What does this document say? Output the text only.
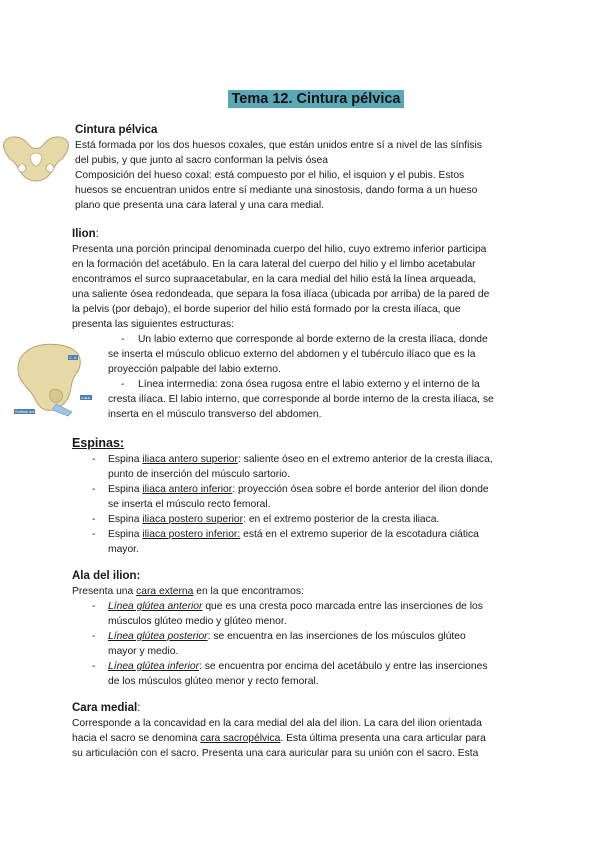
Tema 12. Cintura pélvica
Cintura pélvica
Está formada por los dos huesos coxales, que están unidos entre sí a nivel de las sínfisis
del pubis, y que junto al sacro conforman la pelvis ósea
Composición del hueso coxal: está compuesto por el hilio, el isquion y el pubis. Estos
huesos se encuentran unidos entre sí mediante una sinostosis, dando forma a un hueso
plano que presenta una cara lateral y una cara medial.
Ilion:
Presenta una porción principal denominada cuerpo del hilio, cuyo extremo inferior participa
en la formación del acetábulo. En la cara lateral del cuerpo del hilio y el limbo acetabular
encontramos el surco supraacetabular, en la cara medial del hilio está la línea arqueada,
una saliente ósea redondeada, que separa la fosa ilíaca (ubicada por arriba) de la pared de
la pelvis (por debajo), el borde superior del hilio está formado por la cresta ilíaca, que
presenta las siguientes estructuras:
C. il.
c.aur.
Sínfisis del
- Un labio externo que corresponde al borde externo de la cresta ilíaca, donde
se inserta el músculo oblicuo externo del abdomen y el tubérculo ilíaco que es la
proyección palpable del labio externo.
- Línea intermedia: zona ósea rugosa entre el labio externo y el interno de la
cresta ilíaca. El labio interno, que corresponde al borde interno de la cresta ilíaca, se
inserta en el músculo transverso del abdomen.
Espinas:
- Espina iliaca antero superior: saliente óseo en el extremo anterior de la cresta iliaca,
punto de inserción del músculo sartorio.
- Espina iliaca antero inferior: proyección ósea sobre el borde anterior del ilion donde
se inserta el músculo recto femoral.
- Espina iliaca postero superior: en el extremo posterior de la cresta iliaca.
- Espina iliaca postero inferior: está en el extremo superior de la escotadura ciática
mayor.
Ala del ilion:
Presenta una cara externa en la que encontramos:
- Línea glútea anterior que es una cresta poco marcada entre las inserciones de los
músculos glúteo medio y glúteo menor.
- Línea glútea posterior: se encuentra en las inserciones de los músculos glúteo
mayor y medio.
- Línea glútea inferior: se encuentra por encima del acetábulo y entre las inserciones
de los músculos glúteo menor y recto femoral.
Cara medial:
Corresponde a la concavidad en la cara medial del ala del ilion. La cara del ilion orientada
hacia el sacro se denomina cara sacropélvica. Esta última presenta una cara articular para
su articulación con el sacro. Presenta una cara auricular para su unión con el sacro. Esta
